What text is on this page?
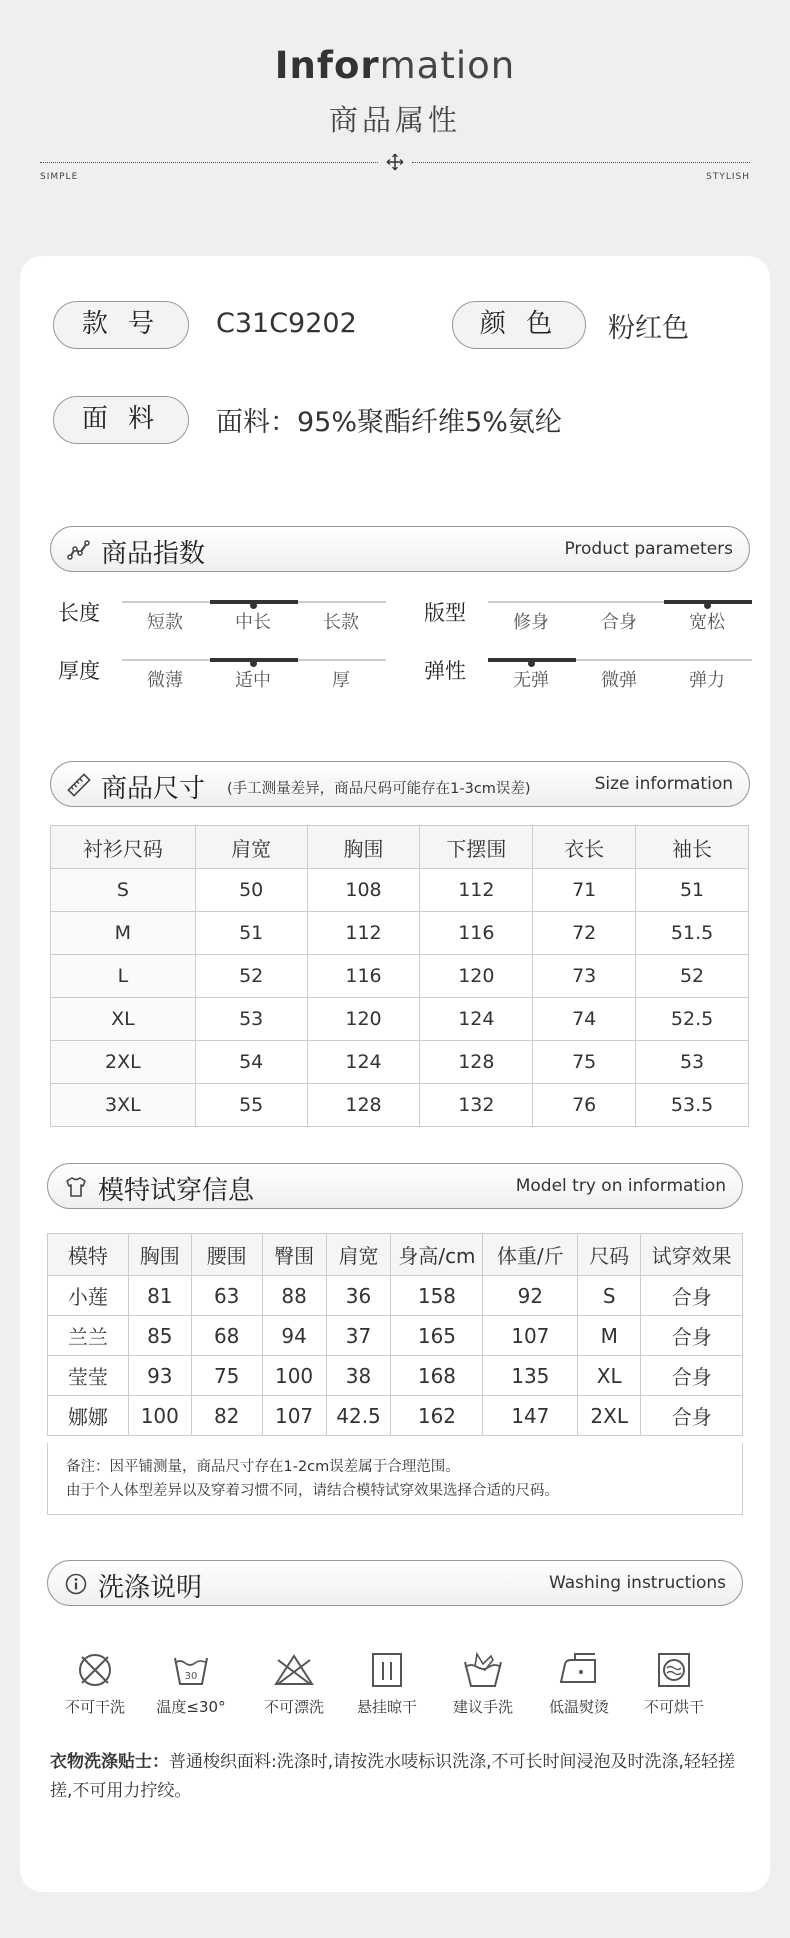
Information
商品属性
SIMPLE	STYLISH
款 号	C31C9202	颜 色	粉红色
面 料	面料：95%聚酯纤维5%氨纶
商品指数	Product parameters
长度	短款	中长	长款	版型	修身	合身	宽松
厚度	微薄	适中	厚	弹性	无弹	微弹	弹力
商品尺寸 (手工测量差异，商品尺码可能存在1-3cm误差)	Size information
衬衫尺码	肩宽	胸围	下摆围	衣长	袖长
S	50	108	112	71	51
M	51	112	116	72	51.5
L	52	116	120	73	52
XL	53	120	124	74	52.5
2XL	54	124	128	75	53
3XL	55	128	132	76	53.5
模特试穿信息	Model try on information
模特	胸围	腰围	臀围	肩宽	身高/cm	体重/斤	尺码	试穿效果
小莲	81	63	88	36	158	92	S	合身
兰兰	85	68	94	37	165	107	M	合身
莹莹	93	75	100	38	168	135	XL	合身
娜娜	100	82	107	42.5	162	147	2XL	合身
备注：因平铺测量，商品尺寸存在1-2cm误差属于合理范围。
由于个人体型差异以及穿着习惯不同，请结合模特试穿效果选择合适的尺码。
洗涤说明	Washing instructions
不可干洗
30
温度≤30°	不可漂洗	悬挂晾干	建议手洗	低温熨烫	不可烘干
衣物洗涤贴士：普通梭织面料:洗涤时,请按洗水唛标识洗涤,不可长时间浸泡及时洗涤,轻轻搓搓,不可用力拧绞。
